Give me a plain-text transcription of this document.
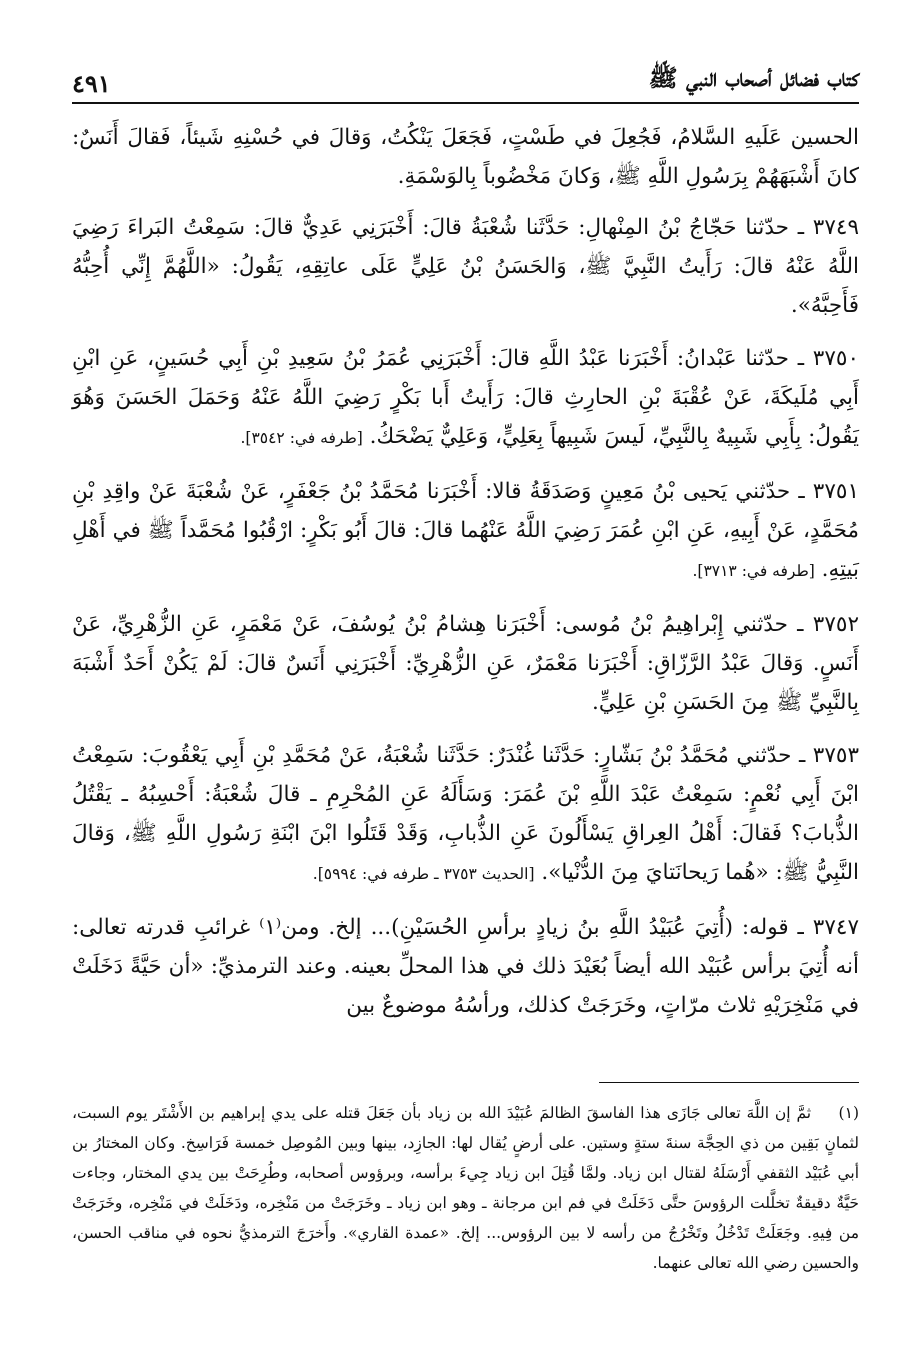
كتاب فضائل أصحاب النبي ﷺ
٤٩١

الحسين عَلَيهِ السَّلامُ، فَجُعِلَ في طَسْتٍ، فَجَعَلَ يَنْكُتُ، وَقالَ في حُسْنِهِ شَيئاً، فَقالَ أَنَسٌ: كانَ أَشْبَهَهُمْ بِرَسُولِ اللَّهِ ﷺ، وَكانَ مَخْضُوباً بِالوَسْمَةِ.

٣٧٤٩ ـ حدّثنا حَجّاجُ بْنُ المِنْهالِ: حَدَّثَنا شُعْبَةُ قالَ: أَخْبَرَنِي عَدِيٌّ قالَ: سَمِعْتُ البَراءَ رَضِيَ اللَّهُ عَنْهُ قالَ: رَأَيتُ النَّبِيَّ ﷺ، وَالحَسَنُ بْنُ عَلِيٍّ عَلَى عاتِقِهِ، يَقُولُ: «اللَّهُمَّ إِنِّي أُحِبُّهُ فَأَحِبَّهُ».

٣٧٥٠ ـ حدّثنا عَبْدانُ: أَخْبَرَنا عَبْدُ اللَّهِ قالَ: أَخْبَرَنِي عُمَرُ بْنُ سَعِيدِ بْنِ أَبِي حُسَينٍ، عَنِ ابْنِ أَبِي مُلَيكَةَ، عَنْ عُقْبَةَ بْنِ الحارِثِ قالَ: رَأَيتُ أَبا بَكْرٍ رَضِيَ اللَّهُ عَنْهُ وَحَمَلَ الحَسَنَ وَهُوَ يَقُولُ: بِأَبِي شَبِيهٌ بِالنَّبِيِّ، لَيسَ شَبِيهاً بِعَلِيٍّ، وَعَلِيٌّ يَضْحَكُ. [طرفه في: ٣٥٤٢].

٣٧٥١ ـ حدّثني يَحيى بْنُ مَعِينٍ وَصَدَقَةُ قالا: أَخْبَرَنا مُحَمَّدُ بْنُ جَعْفَرٍ، عَنْ شُعْبَةَ عَنْ واقِدِ بْنِ مُحَمَّدٍ، عَنْ أَبِيهِ، عَنِ ابْنِ عُمَرَ رَضِيَ اللَّهُ عَنْهُما قالَ: قالَ أَبُو بَكْرٍ: ارْقُبُوا مُحَمَّداً ﷺ في أَهْلِ بَيتِهِ. [طرفه في: ٣٧١٣].

٣٧٥٢ ـ حدّثني إِبْراهِيمُ بْنُ مُوسى: أَخْبَرَنا هِشامُ بْنُ يُوسُفَ، عَنْ مَعْمَرٍ، عَنِ الزُّهْرِيِّ، عَنْ أَنَسٍ. وَقالَ عَبْدُ الرَّزّاقِ: أَخْبَرَنا مَعْمَرٌ، عَنِ الزُّهْرِيِّ: أَخْبَرَنِي أَنَسٌ قالَ: لَمْ يَكُنْ أَحَدٌ أَشْبَهَ بِالنَّبِيِّ ﷺ مِنَ الحَسَنِ بْنِ عَلِيٍّ.

٣٧٥٣ ـ حدّثني مُحَمَّدُ بْنُ بَشّارٍ: حَدَّثَنا غُنْدَرٌ: حَدَّثَنا شُعْبَةُ، عَنْ مُحَمَّدِ بْنِ أَبِي يَعْقُوبَ: سَمِعْتُ ابْنَ أَبِي نُعْمٍ: سَمِعْتُ عَبْدَ اللَّهِ بْنَ عُمَرَ: وَسَأَلَهُ عَنِ المُحْرِمِ ـ قالَ شُعْبَةُ: أَحْسِبُهُ ـ يَقْتُلُ الذُّبابَ؟ فَقالَ: أَهْلُ العِراقِ يَسْأَلُونَ عَنِ الذُّبابِ، وَقَدْ قَتَلُوا ابْنَ ابْنَةِ رَسُولِ اللَّهِ ﷺ، وَقالَ النَّبِيُّ ﷺ: «هُما رَيحانَتايَ مِنَ الدُّنْيا». [الحديث ٣٧٥٣ ـ طرفه في: ٥٩٩٤].

٣٧٤٧ ـ قوله: (أُتِيَ عُبَيْدُ اللَّهِ بنُ زيادٍ برأسِ الحُسَيْنِ)... إلخ. ومن⁽١⁾ غرائبِ قدرته تعالى: أنه أُتِيَ برأس عُبَيْد الله أيضاً بُعَيْدَ ذلك في هذا المحلِّ بعينه. وعند الترمذيِّ: «أن حَيَّةً دَخَلَتْ في مَنْخِرَيْهِ ثلاث مرّاتٍ، وخَرَجَتْ كذلك، ورأسُهُ موضوعٌ بين

(١) ثمَّ إن اللَّهَ تعالى جَازَى هذا الفاسقَ الظالمَ عُبَيْدَ الله بن زياد بأن جَعَلَ قتله على يدي إبراهيم بن الأَشْتَر يوم السبت، لثمانٍ بَقِين من ذي الحِجَّة سنةَ ستةٍ وستين. على أرضٍ يُقال لها: الجازِد، بينها وبين المُوصِل خمسة فَرَاسِخ. وكان المختارُ بن أبي عُبَيْد الثقفي أَرْسَلَهُ لقتال ابن زياد. ولمَّا قُتِلَ ابن زياد جِيءَ برأسه، وبرؤوس أصحابه، وطُرِحَتْ بين يدي المختار، وجاءت حَيَّةٌ دقيقةٌ تخلَّلت الرؤوسَ حتَّى دَخَلَتْ في فم ابن مرجانة ـ وهو ابن زياد ـ وخَرَجَتْ من مَنْخِره، ودَخَلَتْ في مَنْخِره، وخَرَجَتْ من فِيهِ. وجَعَلَتْ تَدْخُلُ وتَخْرُجُ من رأسه لا بين الرؤوس... إلخ. «عمدة القاري». وأَخرَجَ الترمذيُّ نحوه في مناقب الحسن، والحسين رضي الله تعالى عنهما.
